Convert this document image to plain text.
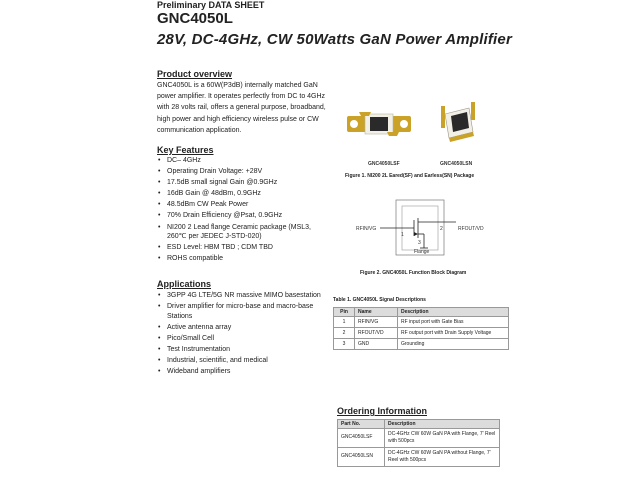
Preliminary DATA SHEET
GNC4050L
28V, DC-4GHz, CW 50Watts GaN Power Amplifier
Product overview
GNC4050L is a 60W(P3dB) internally matched GaN power amplifier. It operates perfectly from DC to 4GHz with 28 volts rail, offers a general purpose, broadband, high power and high efficiency wireless pulse or CW communication application.
Key Features
• DC– 4GHz
• Operating Drain Voltage: +28V
• 17.5dB small signal Gain @0.9GHz
• 16dB Gain @ 48dBm, 0.9GHz
• 48.5dBm CW Peak Power
• 70% Drain Efficiency @Psat, 0.9GHz
• NI200 2 Lead flange Ceramic package (MSL3, 260℃ per JEDEC J-STD-020)
• ESD Level: HBM TBD ; CDM TBD
• ROHS compatible
Applications
• 3GPP 4G LTE/5G NR massive MIMO basestation
• Driver amplifier for micro-base and macro-base Stations
• Active antenna array
• Pico/Small Cell
• Test Instrumentation
• Industrial, scientific, and medical
• Wideband amplifiers
GNC4050LSF	GNC4050LSN
Figure 1. NI200 2L Eared(SF) and Earless(SN) Package
RFIN/VG	RFOUT/VD
1
2
3
Flange
Figure 2. GNC4050L Function Block Diagram
Table 1. GNC4050L Signal Descriptions
Pin	Name	Description
1	RFIN/VG	RF input port with Gate Bias
2	RFOUT/VD	RF output port with Drain Supply Voltage
3	GND	Grounding
Ordering Information
Part No.	Description
GNC4050LSF	DC-4GHz CW 60W GaN PA with Flange, 7' Reel with 500pcs
GNC4050LSN	DC-4GHz CW 60W GaN PA without Flange, 7' Reel with 500pcs
